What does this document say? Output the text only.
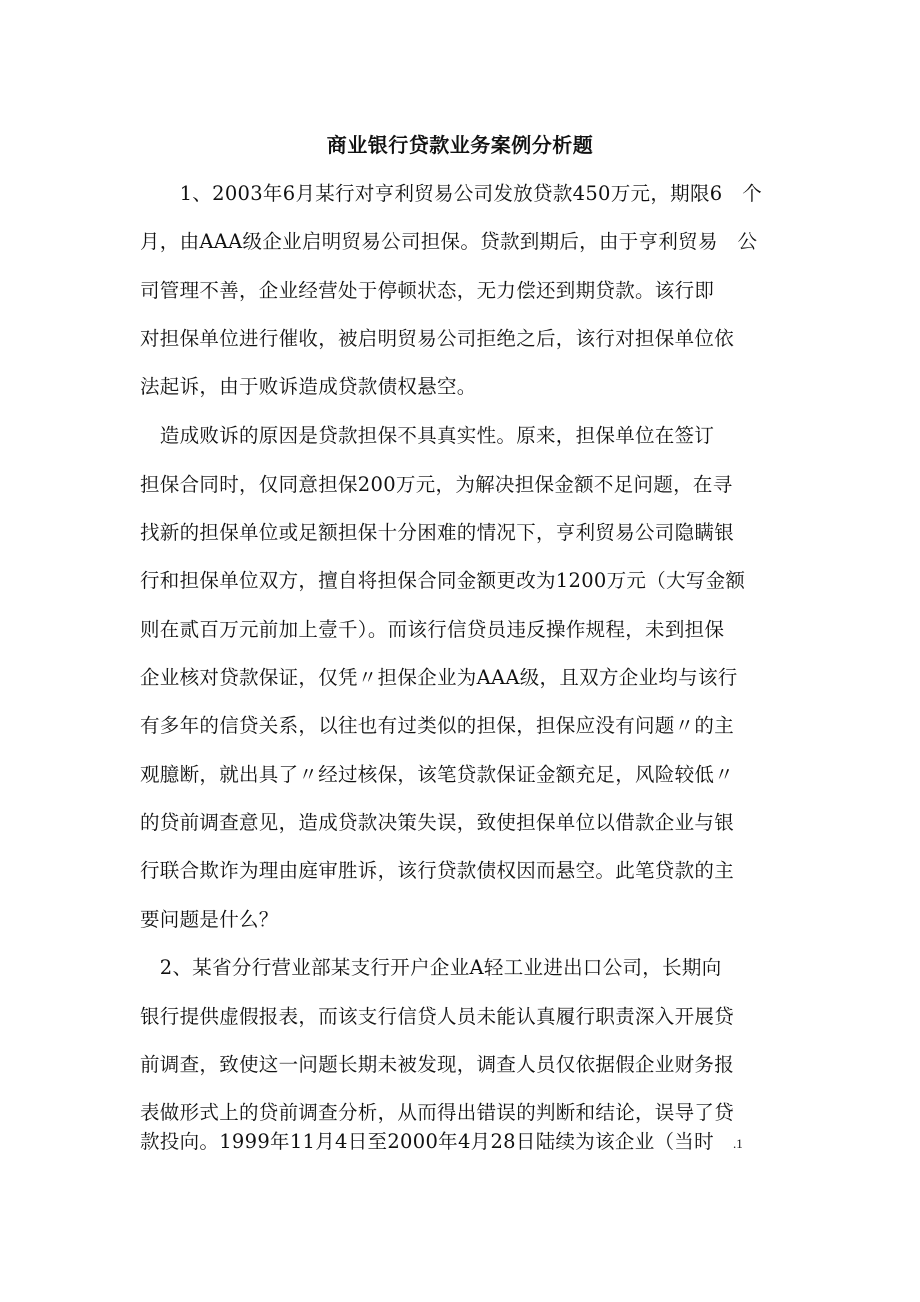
商业银行贷款业务案例分析题
　　1、2003年6月某行对亨利贸易公司发放贷款450万元，期限6　个
月，由AAA级企业启明贸易公司担保。贷款到期后，由于亨利贸易　公
司管理不善，企业经营处于停顿状态，无力偿还到期贷款。该行即
对担保单位进行催收，被启明贸易公司拒绝之后，该行对担保单位依
法起诉，由于败诉造成贷款债权悬空。
　造成败诉的原因是贷款担保不具真实性。原来，担保单位在签订
担保合同时，仅同意担保200万元，为解决担保金额不足问题，在寻
找新的担保单位或足额担保十分困难的情况下，亨利贸易公司隐瞒银
行和担保单位双方，擅自将担保合同金额更改为1200万元（大写金额
则在贰百万元前加上壹千）。而该行信贷员违反操作规程，未到担保
企业核对贷款保证，仅凭〃担保企业为AAA级，且双方企业均与该行
有多年的信贷关系，以往也有过类似的担保，担保应没有问题〃的主
观臆断，就出具了〃经过核保，该笔贷款保证金额充足，风险较低〃
的贷前调查意见，造成贷款决策失误，致使担保单位以借款企业与银
行联合欺诈为理由庭审胜诉，该行贷款债权因而悬空。此笔贷款的主
要问题是什么？
　2、某省分行营业部某支行开户企业A轻工业进出口公司，长期向
银行提供虚假报表，而该支行信贷人员未能认真履行职责深入开展贷
前调查，致使这一问题长期未被发现，调查人员仅依据假企业财务报
表做形式上的贷前调查分析，从而得出错误的判断和结论，误导了贷
款投向。1999年11月4日至2000年4月28日陆续为该企业（当时 .1
